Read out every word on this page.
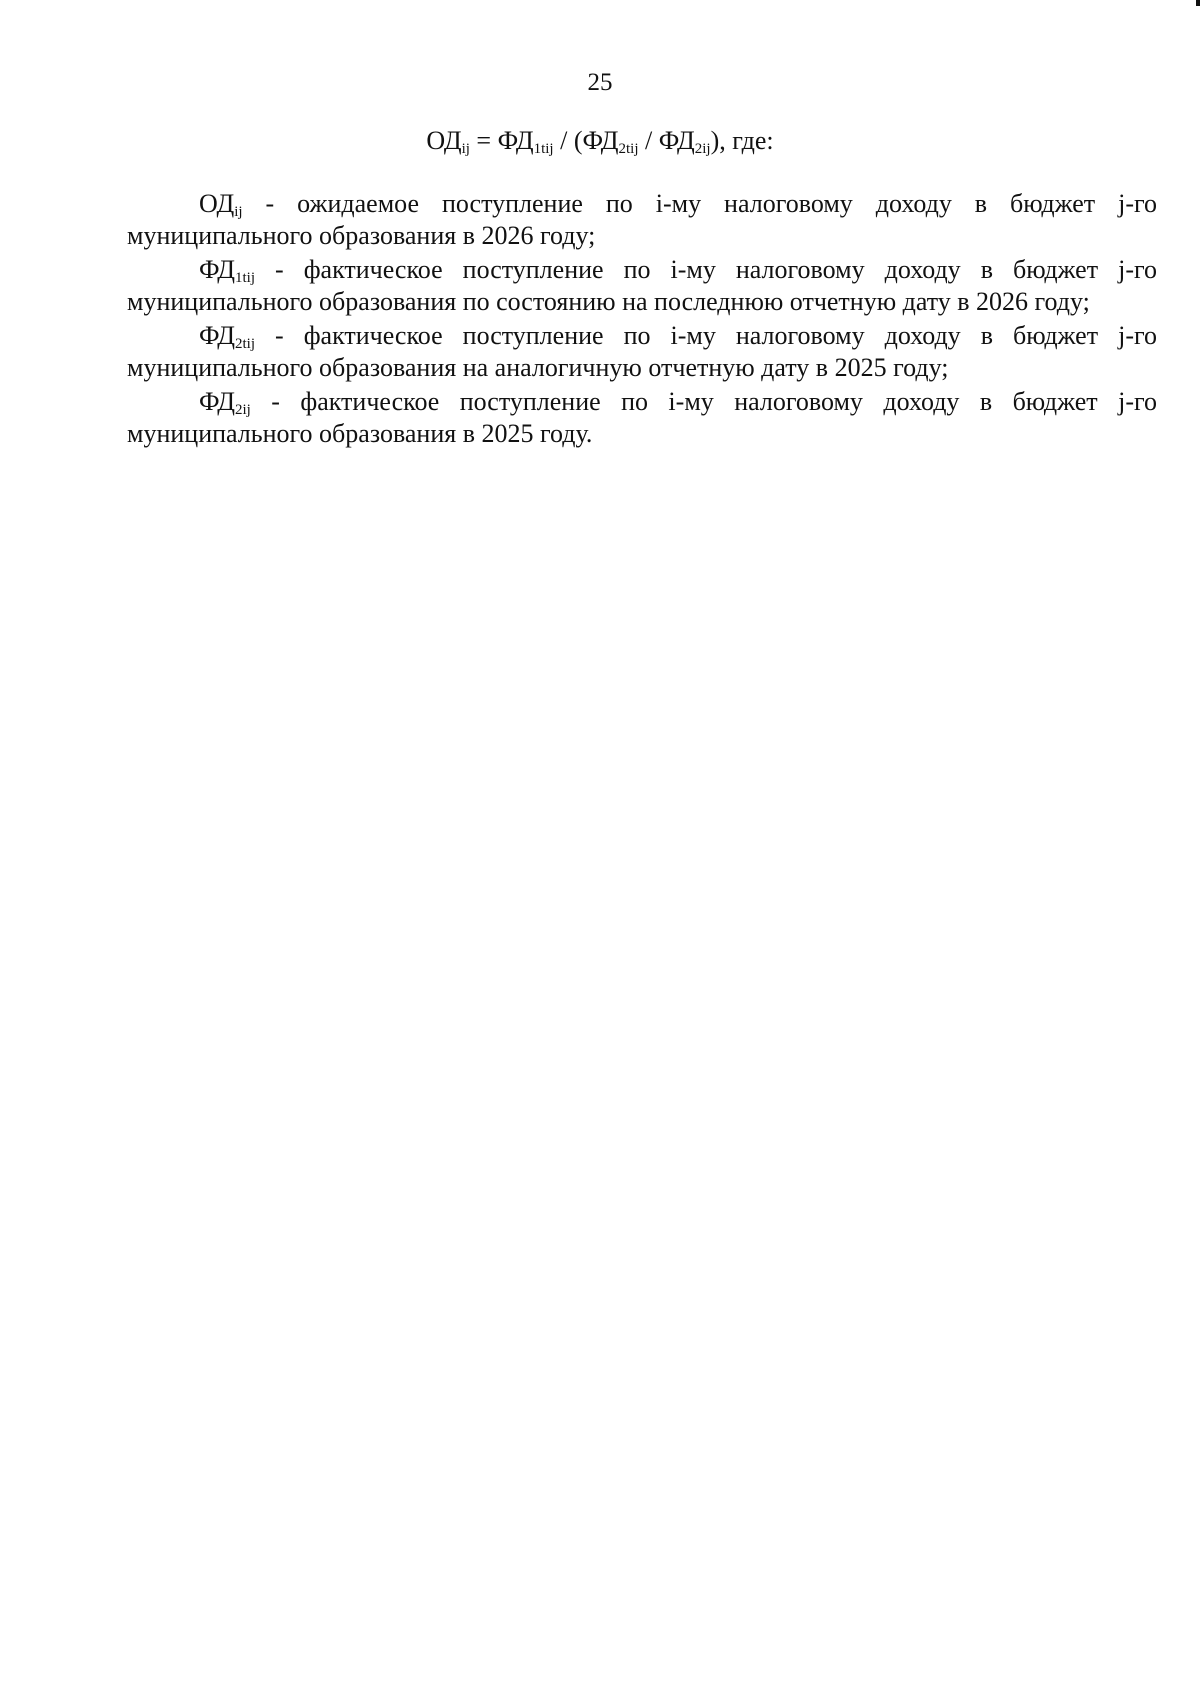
25
$ОД_{ij} = ФД_{1tij} / (ФД_{2tij} / ФД_{2ij})$, где:

$ОД_{ij}$ - ожидаемое поступление по i-му налоговому доходу в бюджет j-го муниципального образования в 2026 году;

$ФД_{1tij}$ - фактическое поступление по i-му налоговому доходу в бюджет j-го муниципального образования по состоянию на последнюю отчетную дату в 2026 году;

$ФД_{2tij}$ - фактическое поступление по i-му налоговому доходу в бюджет j-го муниципального образования на аналогичную отчетную дату в 2025 году;

$ФД_{2ij}$ - фактическое поступление по i-му налоговому доходу в бюджет j-го муниципального образования в 2025 году.
